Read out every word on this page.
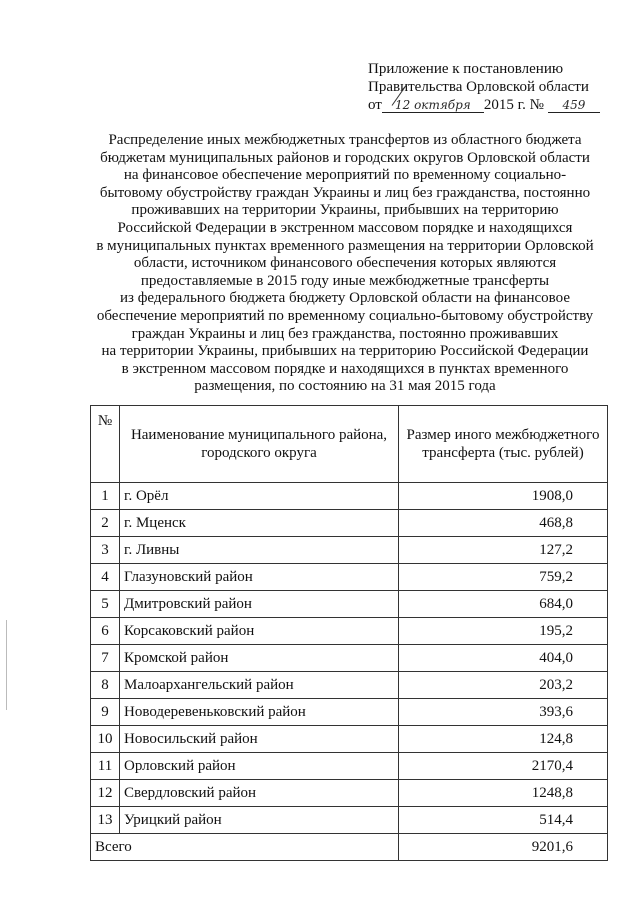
Приложение к постановлению
Правительства Орловской области
от 12 октября 2015 г. № 459
Распределение иных межбюджетных трансфертов из областного бюджета
бюджетам муниципальных районов и городских округов Орловской области
на финансовое обеспечение мероприятий по временному социально-
бытовому обустройству граждан Украины и лиц без гражданства, постоянно
проживавших на территории Украины, прибывших на территорию
Российской Федерации в экстренном массовом порядке и находящихся
в муниципальных пунктах временного размещения на территории Орловской
области, источником финансового обеспечения которых являются
предоставляемые в 2015 году иные межбюджетные трансферты
из федерального бюджета бюджету Орловской области на финансовое
обеспечение мероприятий по временному социально-бытовому обустройству
граждан Украины и лиц без гражданства, постоянно проживавших
на территории Украины, прибывших на территорию Российской Федерации
в экстренном массовом порядке и находящихся в пунктах временного
размещения, по состоянию на 31 мая 2015 года
№	Наименование муниципального района, городского округа	Размер иного межбюджетного трансферта (тыс. рублей)
1	г. Орёл	1908,0
2	г. Мценск	468,8
3	г. Ливны	127,2
4	Глазуновский район	759,2
5	Дмитровский район	684,0
6	Корсаковский район	195,2
7	Кромской район	404,0
8	Малоархангельский район	203,2
9	Новодеревеньковский район	393,6
10	Новосильский район	124,8
11	Орловский район	2170,4
12	Свердловский район	1248,8
13	Урицкий район	514,4
Всего		9201,6
